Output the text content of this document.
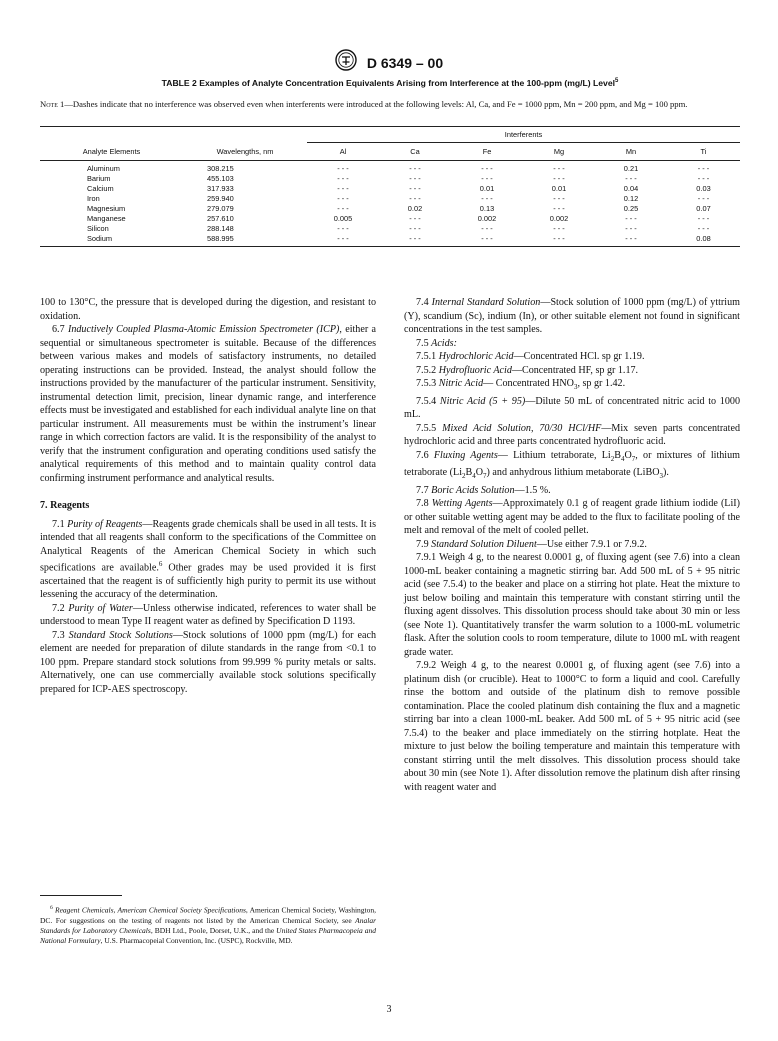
D 6349 – 00
TABLE 2 Examples of Analyte Concentration Equivalents Arising from Interference at the 100-ppm (mg/L) Level$^5$
Note 1—Dashes indicate that no interference was observed even when interferents were introduced at the following levels: Al, Ca, and Fe = 1000 ppm, Mn = 200 ppm, and Mg = 100 ppm.
		Interferents					
Analyte Elements	Wavelengths, nm	Al	Ca	Fe	Mg	Mn	Ti
Aluminum	308.215	- - -	- - -	- - -	- - -	0.21	- - -
Barium	455.103	- - -	- - -	- - -	- - -	- - -	- - -
Calcium	317.933	- - -	- - -	0.01	0.01	0.04	0.03
Iron	259.940	- - -	- - -	- - -	- - -	0.12	- - -
Magnesium	279.079	- - -	0.02	0.13	- - -	0.25	0.07
Manganese	257.610	0.005	- - -	0.002	0.002	- - -	- - -
Silicon	288.148	- - -	- - -	- - -	- - -	- - -	- - -
Sodium	588.995	- - -	- - -	- - -	- - -	- - -	0.08

100 to 130°C, the pressure that is developed during the digestion, and resistant to oxidation.

6.7 Inductively Coupled Plasma-Atomic Emission Spectrometer (ICP), either a sequential or simultaneous spectrometer is suitable. Because of the differences between various makes and models of satisfactory instruments, no detailed operating instructions can be provided. Instead, the analyst should follow the instructions provided by the manufacturer of the particular instrument. Sensitivity, instrumental detection limit, precision, linear dynamic range, and interference effects must be investigated and established for each individual analyte line on that particular instrument. All measurements must be within the instrument’s linear range in which correction factors are valid. It is the responsibility of the analyst to verify that the instrument configuration and operating conditions used satisfy the analytical requirements of this method and to maintain quality control data confirming instrument performance and analytical results.

7. Reagents

7.1 Purity of Reagents—Reagents grade chemicals shall be used in all tests. It is intended that all reagents shall conform to the specifications of the Committee on Analytical Reagents of the American Chemical Society in which such specifications are available.$^6$ Other grades may be used provided it is first ascertained that the reagent is of sufficiently high purity to permit its use without lessening the accuracy of the determination.

7.2 Purity of Water—Unless otherwise indicated, references to water shall be understood to mean Type II reagent water as defined by Specification D 1193.

7.3 Standard Stock Solutions—Stock solutions of 1000 ppm (mg/L) for each element are needed for preparation of dilute standards in the range from <0.1 to 100 ppm. Prepare standard stock solutions from 99.999 % purity metals or salts. Alternatively, one can use commercially available stock solutions specifically prepared for ICP-AES spectroscopy.

$^6$ Reagent Chemicals, American Chemical Society Specifications, American Chemical Society, Washington, DC. For suggestions on the testing of reagents not listed by the American Chemical Society, see Analar Standards for Laboratory Chemicals, BDH Ltd., Poole, Dorset, U.K., and the United States Pharmacopeia and National Formulary, U.S. Pharmacopeial Convention, Inc. (USPC), Rockville, MD.

7.4 Internal Standard Solution—Stock solution of 1000 ppm (mg/L) of yttrium (Y), scandium (Sc), indium (In), or other suitable element not found in significant concentrations in the test samples.

7.5 Acids:

7.5.1 Hydrochloric Acid—Concentrated HCl. sp gr 1.19.

7.5.2 Hydrofluoric Acid—Concentrated HF, sp gr 1.17.

7.5.3 Nitric Acid— Concentrated $HNO_3$, sp gr 1.42.

7.5.4 Nitric Acid (5 + 95)—Dilute 50 mL of concentrated nitric acid to 1000 mL.

7.5.5 Mixed Acid Solution, 70/30 HCl/HF—Mix seven parts concentrated hydrochloric acid and three parts concentrated hydrofluoric acid.

7.6 Fluxing Agents— Lithium tetraborate, $Li_2B_4O_7$, or mixtures of lithium tetraborate $(Li_2B_4O_7)$ and anhydrous lithium metaborate (LiBO$_3$).

7.7 Boric Acids Solution—1.5 %.

7.8 Wetting Agents—Approximately 0.1 g of reagent grade lithium iodide (LiI) or other suitable wetting agent may be added to the flux to facilitate pooling of the melt and removal of the melt of cooled pellet.

7.9 Standard Solution Diluent—Use either 7.9.1 or 7.9.2.

7.9.1 Weigh 4 g, to the nearest 0.0001 g, of fluxing agent (see 7.6) into a clean 1000-mL beaker containing a magnetic stirring bar. Add 500 mL of 5 + 95 nitric acid (see 7.5.4) to the beaker and place on a stirring hot plate. Heat the mixture to just below boiling and maintain this temperature with constant stirring until the fluxing agent dissolves. This dissolution process should take about 30 min or less (see Note 1). Quantitatively transfer the warm solution to a 1000-mL volumetric flask. After the solution cools to room temperature, dilute to 1000 mL with reagent grade water.

7.9.2 Weigh 4 g, to the nearest 0.0001 g, of fluxing agent (see 7.6) into a platinum dish (or crucible). Heat to 1000°C to form a liquid and cool. Carefully rinse the bottom and outside of the platinum dish to remove possible contamination. Place the cooled platinum dish containing the flux and a magnetic stirring bar into a clean 1000-mL beaker. Add 500 mL of 5 + 95 nitric acid (see 7.5.4) to the beaker and place immediately on the stirring hotplate. Heat the mixture to just below the boiling temperature and maintain this temperature with constant stirring until the melt dissolves. This dissolution process should take about 30 min (see Note 1). After dissolution remove the platinum dish after rinsing with reagent water and

3
